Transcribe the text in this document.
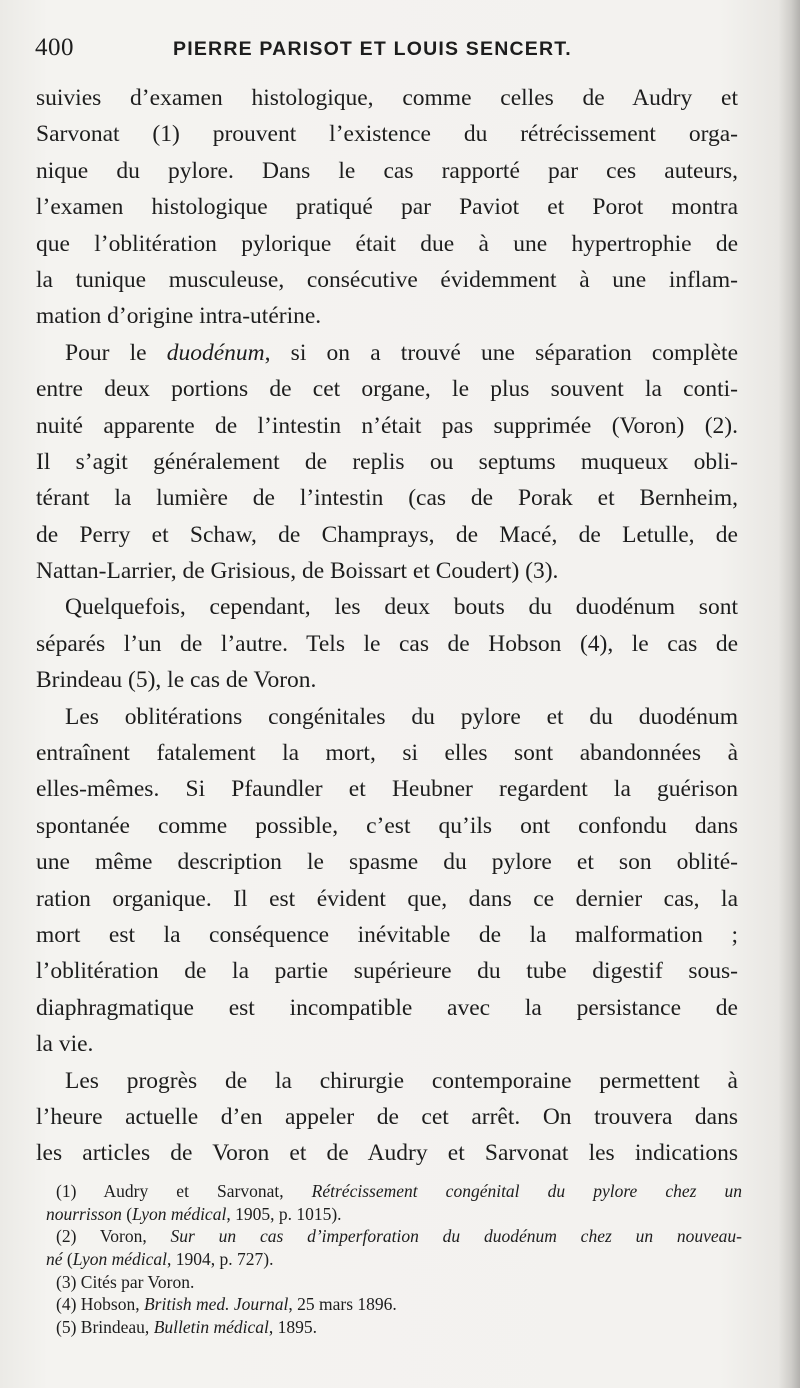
400	PIERRE PARISOT ET LOUIS SENCERT.
suivies d’examen histologique, comme celles de Audry et
Sarvonat (1) prouvent l’existence du rétrécissement orga-
nique du pylore. Dans le cas rapporté par ces auteurs,
l’examen histologique pratiqué par Paviot et Porot montra
que l’oblitération pylorique était due à une hypertrophie de
la tunique musculeuse, consécutive évidemment à une inflam-
mation d’origine intra-utérine.
Pour le duodénum, si on a trouvé une séparation complète
entre deux portions de cet organe, le plus souvent la conti-
nuité apparente de l’intestin n’était pas supprimée (Voron) (2).
Il s’agit généralement de replis ou septums muqueux obli-
térant la lumière de l’intestin (cas de Porak et Bernheim,
de Perry et Schaw, de Champrays, de Macé, de Letulle, de
Nattan-Larrier, de Grisious, de Boissart et Coudert) (3).
Quelquefois, cependant, les deux bouts du duodénum sont
séparés l’un de l’autre. Tels le cas de Hobson (4), le cas de
Brindeau (5), le cas de Voron.
Les oblitérations congénitales du pylore et du duodénum
entraînent fatalement la mort, si elles sont abandonnées à
elles-mêmes. Si Pfaundler et Heubner regardent la guérison
spontanée comme possible, c’est qu’ils ont confondu dans
une même description le spasme du pylore et son oblité-
ration organique. Il est évident que, dans ce dernier cas, la
mort est la conséquence inévitable de la malformation ;
l’oblitération de la partie supérieure du tube digestif sous-
diaphragmatique est incompatible avec la persistance de
la vie.
Les progrès de la chirurgie contemporaine permettent à
l’heure actuelle d’en appeler de cet arrêt. On trouvera dans
les articles de Voron et de Audry et Sarvonat les indications
(1) Audry et Sarvonat, Rétrécissement congénital du pylore chez un
nourrisson (Lyon médical, 1905, p. 1015).
(2) Voron, Sur un cas d’imperforation du duodénum chez un nouveau-
né (Lyon médical, 1904, p. 727).
(3) Cités par Voron.
(4) Hobson, British med. Journal, 25 mars 1896.
(5) Brindeau, Bulletin médical, 1895.
